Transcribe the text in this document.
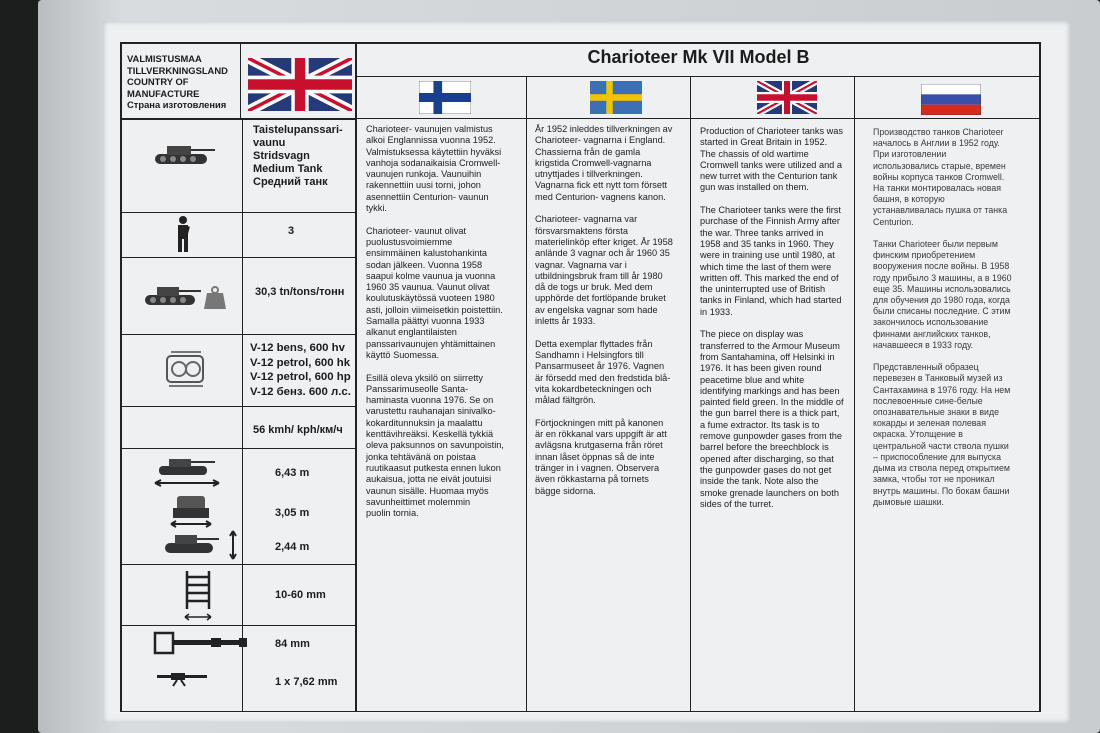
VALMISTUSMAA
TILLVERKNINGSLAND
COUNTRY OF
MANUFACTURE
Страна изготовления
Charioteer Mk VII Model B
Taistelupanssari-
vaunu
Stridsvagn
Medium Tank
Средний танк
3
30,3 tn/tons/тонн
V-12 bens, 600 hv
V-12 petrol, 600 hk
V-12 petrol, 600 hp
V-12 бенз. 600 л.с.
56 kmh/ kph/км/ч
6,43 m
3,05 m
2,44 m
10-60 mm
84 mm
1 x 7,62 mm
Charioteer- vaunujen valmistus
alkoi Englannissa vuonna 1952.
Valmistuksessa käytettiin hyväksi
vanhoja sodanaikaisia Cromwell-
vaunujen runkoja. Vaunuihin
rakennettiin uusi torni, johon
asennettiin Centurion- vaunun
tykki.

Charioteer- vaunut olivat
puolustusvoimiemme
ensimmäinen kalustohankinta
sodan jälkeen. Vuonna 1958
saapui kolme vaunua ja vuonna
1960 35 vaunua. Vaunut olivat
koulutuskäytössä vuoteen 1980
asti, jolloin viimeisetkin poistettiin.
Samalla päättyi vuonna 1933
alkanut englantilaisten
panssarivaunujen yhtämittainen
käyttö Suomessa.

Esillä oleva yksilö on siirretty
Panssarimuseolle Santa-
haminasta vuonna 1976. Se on
varustettu rauhanajan sinivalko-
kokarditunnuksin ja maalattu
kenttävihreäksi. Keskellä tykkiä
oleva paksunnos on savunpoistin,
jonka tehtävänä on poistaa
ruutikaasut putkesta ennen lukon
aukaisua, jotta ne eivät joutuisi
vaunun sisälle. Huomaa myös
savunheittimet molemmin
puolin tornia.
År 1952 inleddes tillverkningen av
Charioteer- vagnarna i England.
Chassierna från de gamla
krigstida Cromwell-vagnarna
utnyttjades i tillverkningen.
Vagnarna fick ett nytt torn försett
med Centurion- vagnens kanon.

Charioteer- vagnarna var
försvarsmaktens första
materielinköp efter kriget. År 1958
anlände 3 vagnar och år 1960 35
vagnar. Vagnarna var i
utbildningsbruk fram till år 1980
då de togs ur bruk. Med dem
upphörde det fortlöpande bruket
av engelska vagnar som hade
inletts år 1933.

Detta exemplar flyttades från
Sandhamn i Helsingfors till
Pansarmuseet år 1976. Vagnen
är försedd med den fredstida blå-
vita kokardbeteckningen och
målad fältgrön.

Förtjockningen mitt på kanonen
är en rökkanal vars uppgift är att
avlägsna krutgaserna från röret
innan låset öppnas så de inte
tränger in i vagnen. Observera
även rökkastarna på tornets
bägge sidorna.
Production of Charioteer tanks was
started in Great Britain in 1952.
The chassis of old wartime
Cromwell tanks were utilized and a
new turret with the Centurion tank
gun was installed on them.

The Charioteer tanks were the first
purchase of the Finnish Army after
the war. Three tanks arrived in
1958 and 35 tanks in 1960. They
were in training use until 1980, at
which time the last of them were
written off. This marked the end of
the uninterrupted use of British
tanks in Finland, which had started
in 1933.

The piece on display was
transferred to the Armour Museum
from Santahamina, off Helsinki in
1976. It has been given round
peacetime blue and white
identifying markings and has been
painted field green. In the middle of
the gun barrel there is a thick part,
a fume extractor. Its task is to
remove gunpowder gases from the
barrel before the breechblock is
opened after discharging, so that
the gunpowder gases do not get
inside the tank. Note also the
smoke grenade launchers on both
sides of the turret.
Производство танков Charioteer
началось в Англии в 1952 году.
При изготовлении
использовались старые, времен
войны корпуса танков Cromwell.
На танки монтировалась новая
башня, в которую
устанавливалась пушка от танка
Centurion.

Танки Charioteer были первым
финским приобретением
вооружения после войны. В 1958
году прибыло 3 машины, а в 1960
еще 35. Машины использовались
для обучения до 1980 года, когда
были списаны последние. С этим
закончилось использование
финнами английских танков,
начавшееся в 1933 году.

Представленный образец
перевезен в Танковый музей из
Сантахамина в 1976 году. На нем
послевоенные сине-белые
опознавательные знаки в виде
кокарды и зеленая полевая
окраска. Утолщение в
центральной части ствола пушки
– приспособление для выпуска
дыма из ствола перед открытием
замка, чтобы тот не проникал
внутрь машины. По бокам башни
дымовые шашки.
